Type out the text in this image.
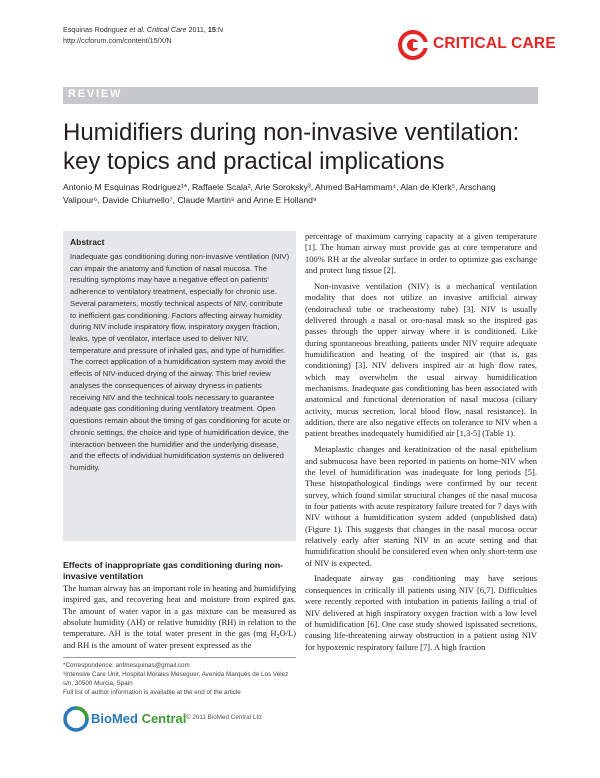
Esquinas Rodriguez et al. Critical Care 2011, 15:N
http://ccforum.com/content/15/X/N	CRITICAL CARE
REVIEW
Humidifiers during non-invasive ventilation: key topics and practical implications
Antonio M Esquinas Rodriguez¹*, Raffaele Scala², Arie Soroksky³, Ahmed BaHammam⁴, Alan de Klerk⁵, Arschang Valipour⁶, Davide Chiumello⁷, Claude Martin⁸ and Anne E Holland⁹
Abstract
Inadequate gas conditioning during non-invasive ventilation (NIV) can impair the anatomy and function of nasal mucosa. The resulting symptoms may have a negative effect on patients' adherence to ventilatory treatment, especially for chronic use. Several parameters, mostly technical aspects of NIV, contribute to inefficient gas conditioning. Factors affecting airway humidity during NIV include inspiratory flow, inspiratory oxygen fraction, leaks, type of ventilator, interface used to deliver NIV, temperature and pressure of inhaled gas, and type of humidifier. The correct application of a humidification system may avoid the effects of NIV-induced drying of the airway. This brief review analyses the consequences of airway dryness in patients receiving NIV and the technical tools necessary to guarantee adequate gas conditioning during ventilatory treatment. Open questions remain about the timing of gas conditioning for acute or chronic settings, the choice and type of humidification device, the interaction between the humidifier and the underlying disease, and the effects of individual humidification systems on delivered humidity.
Effects of inappropriate gas conditioning during non-invasive ventilation

The human airway has an important role in heating and humidifying inspired gas, and recovering heat and moisture from expired gas. The amount of water vapor in a gas mixture can be measured as absolute humidity (AH) or relative humidity (RH) in relation to the temperature. AH is the total water present in the gas (mg $H_2O/L$) and RH is the amount of water present expressed as the

percentage of maximum carrying capacity at a given temperature [1]. The human airway must provide gas at core temperature and 100% RH at the alveolar surface in order to optimize gas exchange and protect lung tissue [2].

Non-invasive ventilation (NIV) is a mechanical ventilation modality that does not utilize an invasive artificial airway (endotracheal tube or tracheostomy tube) [3]. NIV is usually delivered through a nasal or oro-nasal mask so the inspired gas passes through the upper airway where it is conditioned. Like during spontaneous breathing, patients under NIV require adequate humidification and heating of the inspired air (that is, gas conditioning) [3]. NIV delivers inspired air at high flow rates, which may overwhelm the usual airway humidification mechanisms. Inadequate gas conditioning has been associated with anatomical and functional deterioration of nasal mucosa (ciliary activity, mucus secretion, local blood flow, nasal resistance). In addition, there are also negative effects on tolerance to NIV when a patient breathes inadequately humidified air [1,3-5] (Table 1).

Metaplastic changes and keratinization of the nasal epithelium and submucosa have been reported in patients on home-NIV when the level of humidification was inadequate for long periods [5]. These histopathological findings were confirmed by our recent survey, which found similar structural changes of the nasal mucosa in four patients with acute respiratory failure treated for 7 days with NIV without a humidification system added (unpublished data) (Figure 1). This suggests that changes in the nasal mucosa occur relatively early after starting NIV in an acute setting and that humidification should be considered even when only short-term use of NIV is expected.

Inadequate airway gas conditioning may have serious consequences in critically ill patients using NIV [6,7]. Difficulties were recently reported with intubation in patients failing a trial of NIV delivered at high inspiratory oxygen fraction with a low level of humidification [6]. One case study showed ispissated secretions, causing life-threatening airway obstruction in a patient using NIV for hypoxemic respiratory failure [7]. A high fraction

*Correspondence: antmesquinas@gmail.com

¹Intensive Care Unit, Hospital Morales Meseguer, Avenida Marqués de Los Velez s/n, 30500 Murcia, Spain

Full list of author information is available at the end of the article

BioMed Central © 2011 BioMed Central Ltd
